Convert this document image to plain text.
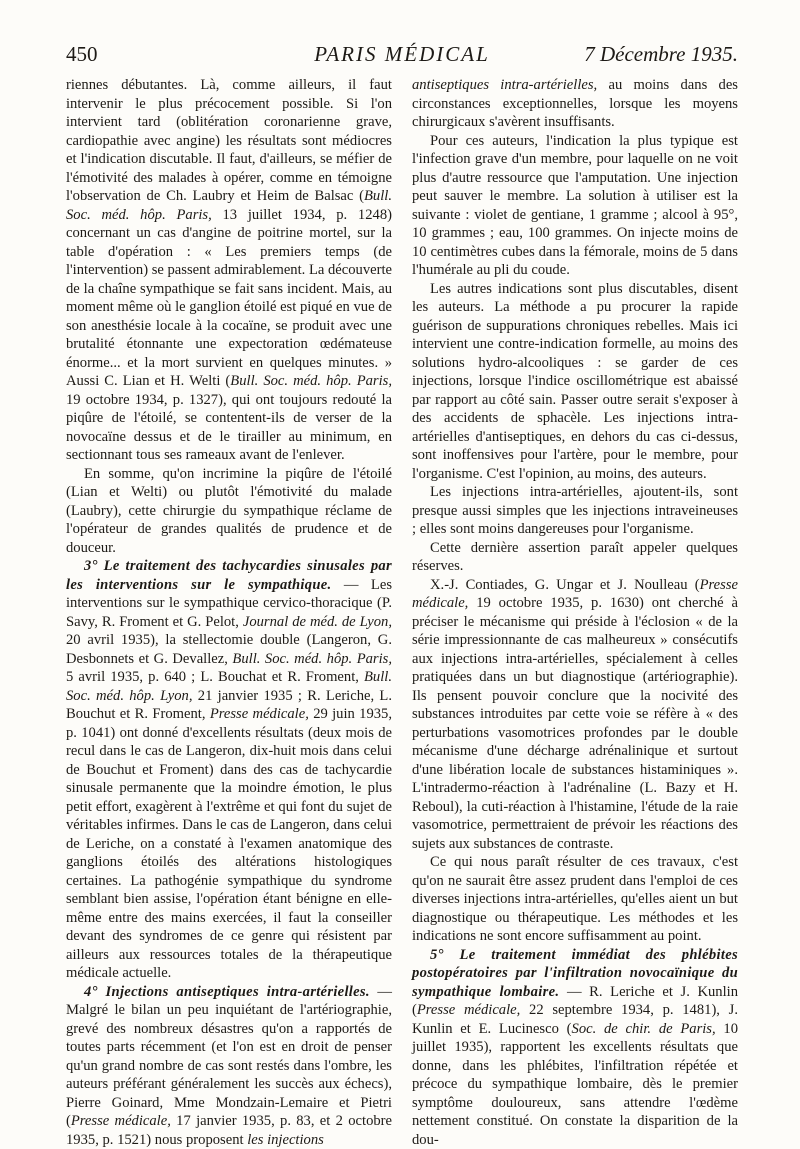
450	PARIS MÉDICAL	7 Décembre 1935.

riennes débutantes. Là, comme ailleurs, il faut intervenir le plus précocement possible. Si l'on intervient tard (oblitération coronarienne grave, cardiopathie avec angine) les résultats sont médiocres et l'indication discutable. Il faut, d'ailleurs, se méfier de l'émotivité des malades à opérer, comme en témoigne l'observation de Ch. Laubry et Heim de Balsac (Bull. Soc. méd. hôp. Paris, 13 juillet 1934, p. 1248) concernant un cas d'angine de poitrine mortel, sur la table d'opération : « Les premiers temps (de l'intervention) se passent admirablement. La découverte de la chaîne sympathique se fait sans incident. Mais, au moment même où le ganglion étoilé est piqué en vue de son anesthésie locale à la cocaïne, se produit avec une brutalité étonnante une expectoration œdémateuse énorme... et la mort survient en quelques minutes. » Aussi C. Lian et H. Welti (Bull. Soc. méd. hôp. Paris, 19 octobre 1934, p. 1327), qui ont toujours redouté la piqûre de l'étoilé, se contentent-ils de verser de la novocaïne dessus et de le tirailler au minimum, en sectionnant tous ses rameaux avant de l'enlever.

En somme, qu'on incrimine la piqûre de l'étoilé (Lian et Welti) ou plutôt l'émotivité du malade (Laubry), cette chirurgie du sympathique réclame de l'opérateur de grandes qualités de prudence et de douceur.

3° Le traitement des tachycardies sinusales par les interventions sur le sympathique. — Les interventions sur le sympathique cervico-thoracique (P. Savy, R. Froment et G. Pelot, Journal de méd. de Lyon, 20 avril 1935), la stellectomie double (Langeron, G. Desbonnets et G. Devallez, Bull. Soc. méd. hôp. Paris, 5 avril 1935, p. 640 ; L. Bouchat et R. Froment, Bull. Soc. méd. hôp. Lyon, 21 janvier 1935 ; R. Leriche, L. Bouchut et R. Froment, Presse médicale, 29 juin 1935, p. 1041) ont donné d'excellents résultats (deux mois de recul dans le cas de Langeron, dix-huit mois dans celui de Bouchut et Froment) dans des cas de tachycardie sinusale permanente que la moindre émotion, le plus petit effort, exagèrent à l'extrême et qui font du sujet de véritables infirmes. Dans le cas de Langeron, dans celui de Leriche, on a constaté à l'examen anatomique des ganglions étoilés des altérations histologiques certaines. La pathogénie sympathique du syndrome semblant bien assise, l'opération étant bénigne en elle-même entre des mains exercées, il faut la conseiller devant des syndromes de ce genre qui résistent par ailleurs aux ressources totales de la thérapeutique médicale actuelle.

4° Injections antiseptiques intra-artérielles. — Malgré le bilan un peu inquiétant de l'artériographie, grevé des nombreux désastres qu'on a rapportés de toutes parts récemment (et l'on est en droit de penser qu'un grand nombre de cas sont restés dans l'ombre, les auteurs préférant généralement les succès aux échecs), Pierre Goinard, Mme Mondzain-Lemaire et Pietri (Presse médicale, 17 janvier 1935, p. 83, et 2 octobre 1935, p. 1521) nous proposent les injections

antiseptiques intra-artérielles, au moins dans des circonstances exceptionnelles, lorsque les moyens chirurgicaux s'avèrent insuffisants.

Pour ces auteurs, l'indication la plus typique est l'infection grave d'un membre, pour laquelle on ne voit plus d'autre ressource que l'amputation. Une injection peut sauver le membre. La solution à utiliser est la suivante : violet de gentiane, 1 gramme ; alcool à 95°, 10 grammes ; eau, 100 grammes. On injecte moins de 10 centimètres cubes dans la fémorale, moins de 5 dans l'humérale au pli du coude.

Les autres indications sont plus discutables, disent les auteurs. La méthode a pu procurer la rapide guérison de suppurations chroniques rebelles. Mais ici intervient une contre-indication formelle, au moins des solutions hydro-alcooliques : se garder de ces injections, lorsque l'indice oscillométrique est abaissé par rapport au côté sain. Passer outre serait s'exposer à des accidents de sphacèle. Les injections intra-artérielles d'antiseptiques, en dehors du cas ci-dessus, sont inoffensives pour l'artère, pour le membre, pour l'organisme. C'est l'opinion, au moins, des auteurs.

Les injections intra-artérielles, ajoutent-ils, sont presque aussi simples que les injections intraveineuses ; elles sont moins dangereuses pour l'organisme.

Cette dernière assertion paraît appeler quelques réserves.

X.-J. Contiades, G. Ungar et J. Noulleau (Presse médicale, 19 octobre 1935, p. 1630) ont cherché à préciser le mécanisme qui préside à l'éclosion « de la série impressionnante de cas malheureux » consécutifs aux injections intra-artérielles, spécialement à celles pratiquées dans un but diagnostique (artériographie). Ils pensent pouvoir conclure que la nocivité des substances introduites par cette voie se réfère à « des perturbations vasomotrices profondes par le double mécanisme d'une décharge adrénalinique et surtout d'une libération locale de substances histaminiques ». L'intradermo-réaction à l'adrénaline (L. Bazy et H. Reboul), la cuti-réaction à l'histamine, l'étude de la raie vasomotrice, permettraient de prévoir les réactions des sujets aux substances de contraste.

Ce qui nous paraît résulter de ces travaux, c'est qu'on ne saurait être assez prudent dans l'emploi de ces diverses injections intra-artérielles, qu'elles aient un but diagnostique ou thérapeutique. Les méthodes et les indications ne sont encore suffisamment au point.

5° Le traitement immédiat des phlébites postopératoires par l'infiltration novocaïnique du sympathique lombaire. — R. Leriche et J. Kunlin (Presse médicale, 22 septembre 1934, p. 1481), J. Kunlin et E. Lucinesco (Soc. de chir. de Paris, 10 juillet 1935), rapportent les excellents résultats que donne, dans les phlébites, l'infiltration répétée et précoce du sympathique lombaire, dès le premier symptôme douloureux, sans attendre l'œdème nettement constitué. On constate la disparition de la dou-
